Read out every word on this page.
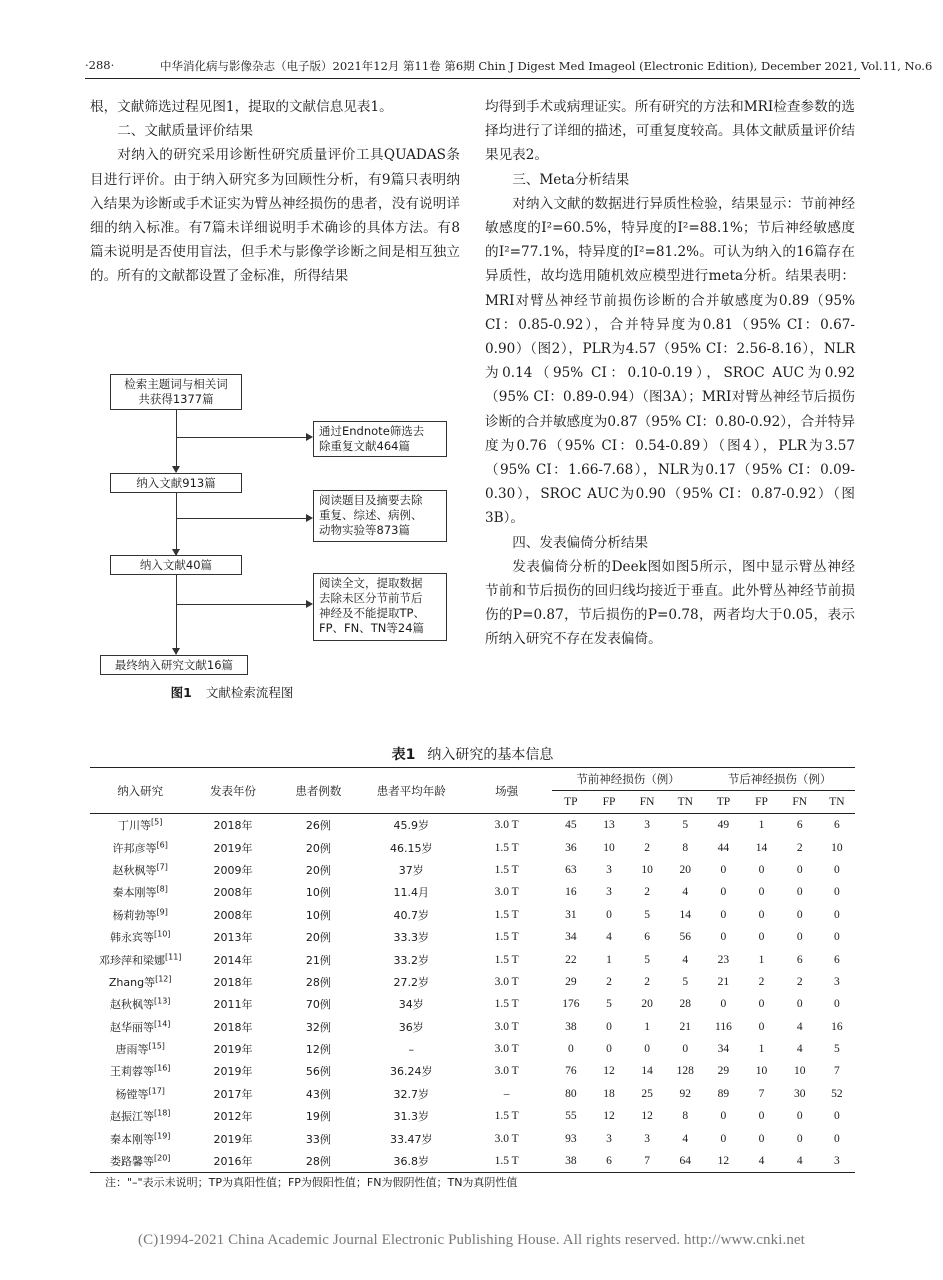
·288·	中华消化病与影像杂志（电子版）2021年12月 第11卷 第6期 Chin J Digest Med Imageol (Electronic Edition), December 2021, Vol.11, No.6

根，文献筛选过程见图1，提取的文献信息见表1。

二、文献质量评价结果

对纳入的研究采用诊断性研究质量评价工具QUADAS条目进行评价。由于纳入研究多为回顾性分析，有9篇只表明纳入结果为诊断或手术证实为臂丛神经损伤的患者，没有说明详细的纳入标准。有7篇未详细说明手术确诊的具体方法。有8篇未说明是否使用盲法，但手术与影像学诊断之间是相互独立的。所有的文献都设置了金标准，所得结果

均得到手术或病理证实。所有研究的方法和MRI检查参数的选择均进行了详细的描述，可重复度较高。具体文献质量评价结果见表2。

三、Meta分析结果

对纳入文献的数据进行异质性检验，结果显示：节前神经敏感度的I²=60.5%，特异度的I²=88.1%；节后神经敏感度的I²=77.1%，特异度的I²=81.2%。可认为纳入的16篇存在异质性，故均选用随机效应模型进行meta分析。结果表明：MRI对臂丛神经节前损伤诊断的合并敏感度为0.89（95% CI：0.85-0.92），合并特异度为0.81（95% CI：0.67-0.90）（图2），PLR为4.57（95% CI：2.56-8.16），NLR为0.14（95% CI：0.10-0.19），SROC AUC为0.92（95% CI：0.89-0.94）（图3A）；MRI对臂丛神经节后损伤诊断的合并敏感度为0.87（95% CI：0.80-0.92），合并特异度为0.76（95% CI：0.54-0.89）（图4），PLR为3.57（95% CI：1.66-7.68），NLR为0.17（95% CI：0.09-0.30），SROC AUC为0.90（95% CI：0.87-0.92）（图3B）。

四、发表偏倚分析结果

发表偏倚分析的Deek图如图5所示，图中显示臂丛神经节前和节后损伤的回归线均接近于垂直。此外臂丛神经节前损伤的P=0.87，节后损伤的P=0.78，两者均大于0.05，表示所纳入研究不存在发表偏倚。

检索主题词与相关词
共获得1377篇
通过Endnote筛选去
除重复文献464篇
纳入文献913篇
阅读题目及摘要去除
重复、综述、病例、
动物实验等873篇
纳入文献40篇
阅读全文，提取数据
去除未区分节前节后
神经及不能提取TP、
FP、FN、TN等24篇
最终纳入研究文献16篇
图1 文献检索流程图
表1 纳入研究的基本信息
纳入研究	发表年份	患者例数	患者平均年龄	场强	节前神经损伤（例）				节后神经损伤（例）			
					TP	FP	FN	TN	TP	FP	FN	TN
丁川等[5]	2018年	26例	45.9岁	3.0 T	45	13	3	5	49	1	6	6
许邦彦等[6]	2019年	20例	46.15岁	1.5 T	36	10	2	8	44	14	2	10
赵秋枫等[7]	2009年	20例	37岁	1.5 T	63	3	10	20	0	0	0	0
秦本刚等[8]	2008年	10例	11.4月	3.0 T	16	3	2	4	0	0	0	0
杨莉勃等[9]	2008年	10例	40.7岁	1.5 T	31	0	5	14	0	0	0	0
韩永宾等[10]	2013年	20例	33.3岁	1.5 T	34	4	6	56	0	0	0	0
邓珍萍和梁娜[11]	2014年	21例	33.2岁	1.5 T	22	1	5	4	23	1	6	6
Zhang等[12]	2018年	28例	27.2岁	3.0 T	29	2	2	5	21	2	2	3
赵秋枫等[13]	2011年	70例	34岁	1.5 T	176	5	20	28	0	0	0	0
赵华丽等[14]	2018年	32例	36岁	3.0 T	38	0	1	21	116	0	4	16
唐雨等[15]	2019年	12例	–	3.0 T	0	0	0	0	34	1	4	5
王莉蓉等[16]	2019年	56例	36.24岁	3.0 T	76	12	14	128	29	10	10	7
杨镗等[17]	2017年	43例	32.7岁	–	80	18	25	92	89	7	30	52
赵振江等[18]	2012年	19例	31.3岁	1.5 T	55	12	12	8	0	0	0	0
秦本刚等[19]	2019年	33例	33.47岁	3.0 T	93	3	3	4	0	0	0	0
娄路馨等[20]	2016年	28例	36.8岁	1.5 T	38	6	7	64	12	4	4	3
注："–"表示未说明；TP为真阳性值；FP为假阳性值；FN为假阴性值；TN为真阴性值
(C)1994-2021 China Academic Journal Electronic Publishing House. All rights reserved. http://www.cnki.net
